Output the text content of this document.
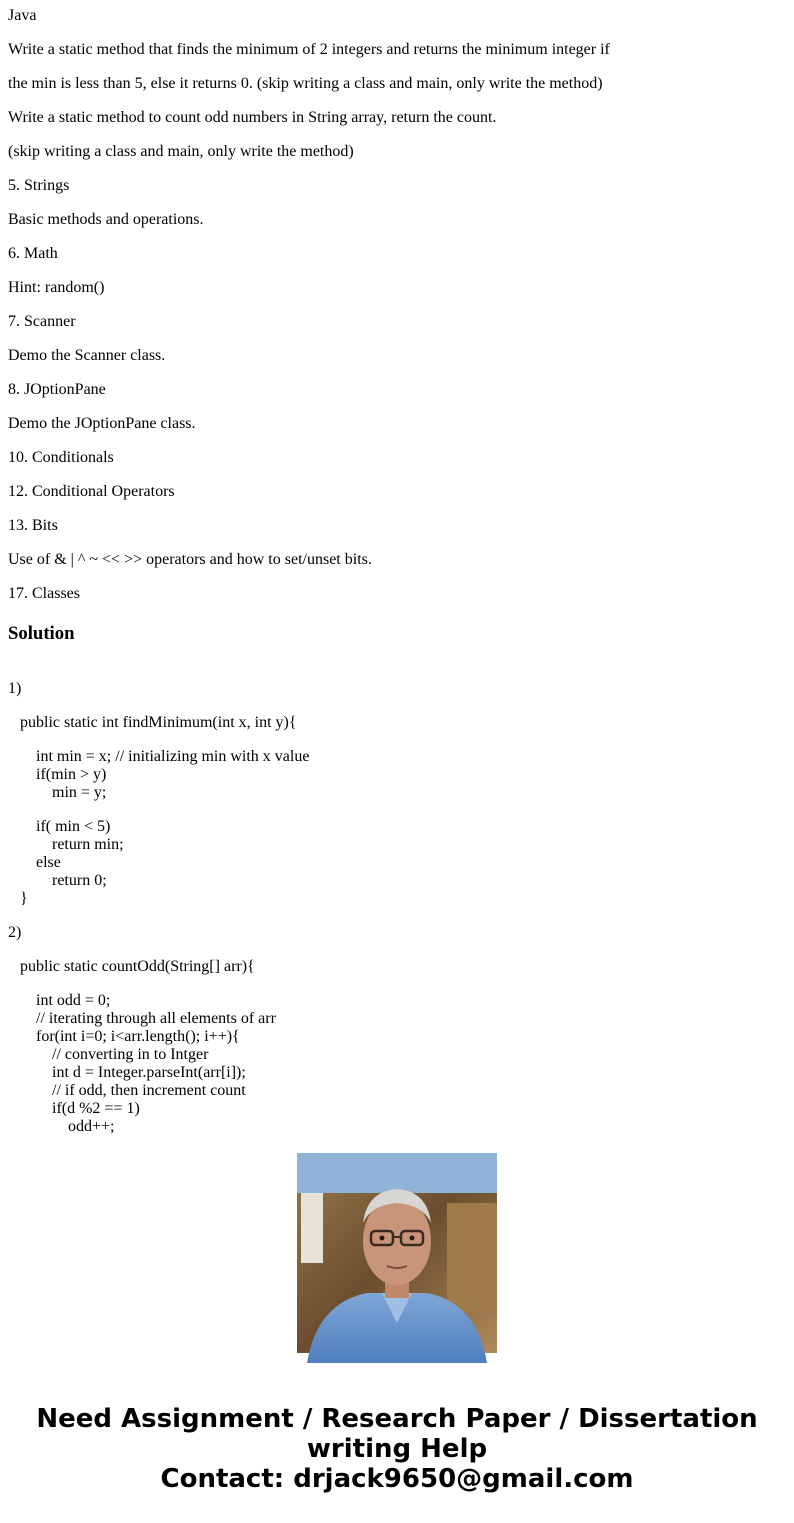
Java

Write a static method that finds the minimum of 2 integers and returns the minimum integer if

the min is less than 5, else it returns 0. (skip writing a class and main, only write the method)

Write a static method to count odd numbers in String array, return the count.

(skip writing a class and main, only write the method)

5. Strings

Basic methods and operations.

6. Math

Hint: random()

7. Scanner

Demo the Scanner class.

8. JOptionPane

Demo the JOptionPane class.

10. Conditionals

12. Conditional Operators

13. Bits

Use of & | ^ ~ << >> operators and how to set/unset bits.

17. Classes

Solution

1)

public static int findMinimum(int x, int y){

int min = x; // initializing min with x value

if(min > y)

min = y;

if( min < 5)

return min;

else

return 0;

}

2)

public static countOdd(String[] arr){

int odd = 0;

// iterating through all elements of arr

for(int i=0; i<arr.length(); i++){

// converting in to Intger

int d = Integer.parseInt(arr[i]);

// if odd, then increment count

if(d %2 == 1)

odd++;

Need Assignment / Research Paper / Dissertation
writing Help
Contact: drjack9650@gmail.com
